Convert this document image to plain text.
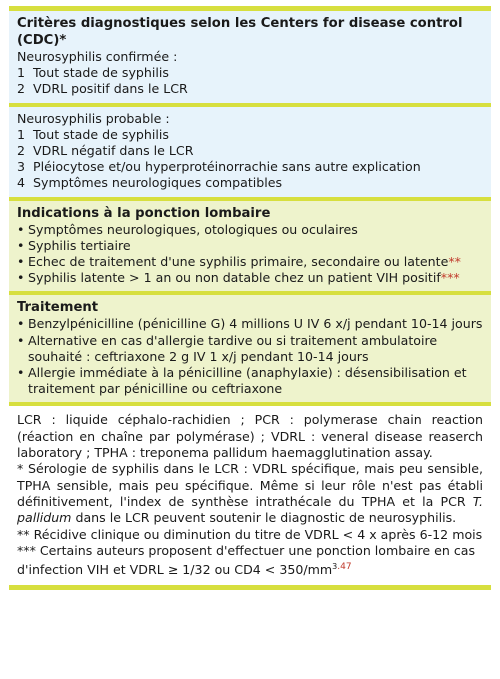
Critères diagnostiques selon les Centers for disease control (CDC)*
Neurosyphilis confirmée :
1 Tout stade de syphilis
2 VDRL positif dans le LCR
Neurosyphilis probable :
1 Tout stade de syphilis
2 VDRL négatif dans le LCR
3 Pléiocytose et/ou hyperprotéinorrachie sans autre explication
4 Symptômes neurologiques compatibles
Indications à la ponction lombaire
• Symptômes neurologiques, otologiques ou oculaires
• Syphilis tertiaire
• Echec de traitement d'une syphilis primaire, secondaire ou latente**
• Syphilis latente > 1 an ou non datable chez un patient VIH positif***
Traitement
• Benzylpénicilline (pénicilline G) 4 millions U IV 6 x/j pendant 10-14 jours
• Alternative en cas d'allergie tardive ou si traitement ambulatoire souhaité : ceftriaxone 2 g IV 1 x/j pendant 10-14 jours
• Allergie immédiate à la pénicilline (anaphylaxie) : désensibilisation et traitement par pénicilline ou ceftriaxone

LCR : liquide céphalo-rachidien ; PCR : polymerase chain reaction (réaction en chaîne par polymérase) ; VDRL : veneral disease reaserch laboratory ; TPHA : treponema pallidum haemagglutination assay.

* Sérologie de syphilis dans le LCR : VDRL spécifique, mais peu sensible, TPHA sensible, mais peu spécifique. Même si leur rôle n'est pas établi définitivement, l'index de synthèse intrathécale du TPHA et la PCR T. pallidum dans le LCR peuvent soutenir le diagnostic de neurosyphilis.

** Récidive clinique ou diminution du titre de VDRL < 4 x après 6-12 mois

*** Certains auteurs proposent d'effectuer une ponction lombaire en cas d'infection VIH et VDRL ≥ 1/32 ou CD4 < 350/mm$^{3.47}$
